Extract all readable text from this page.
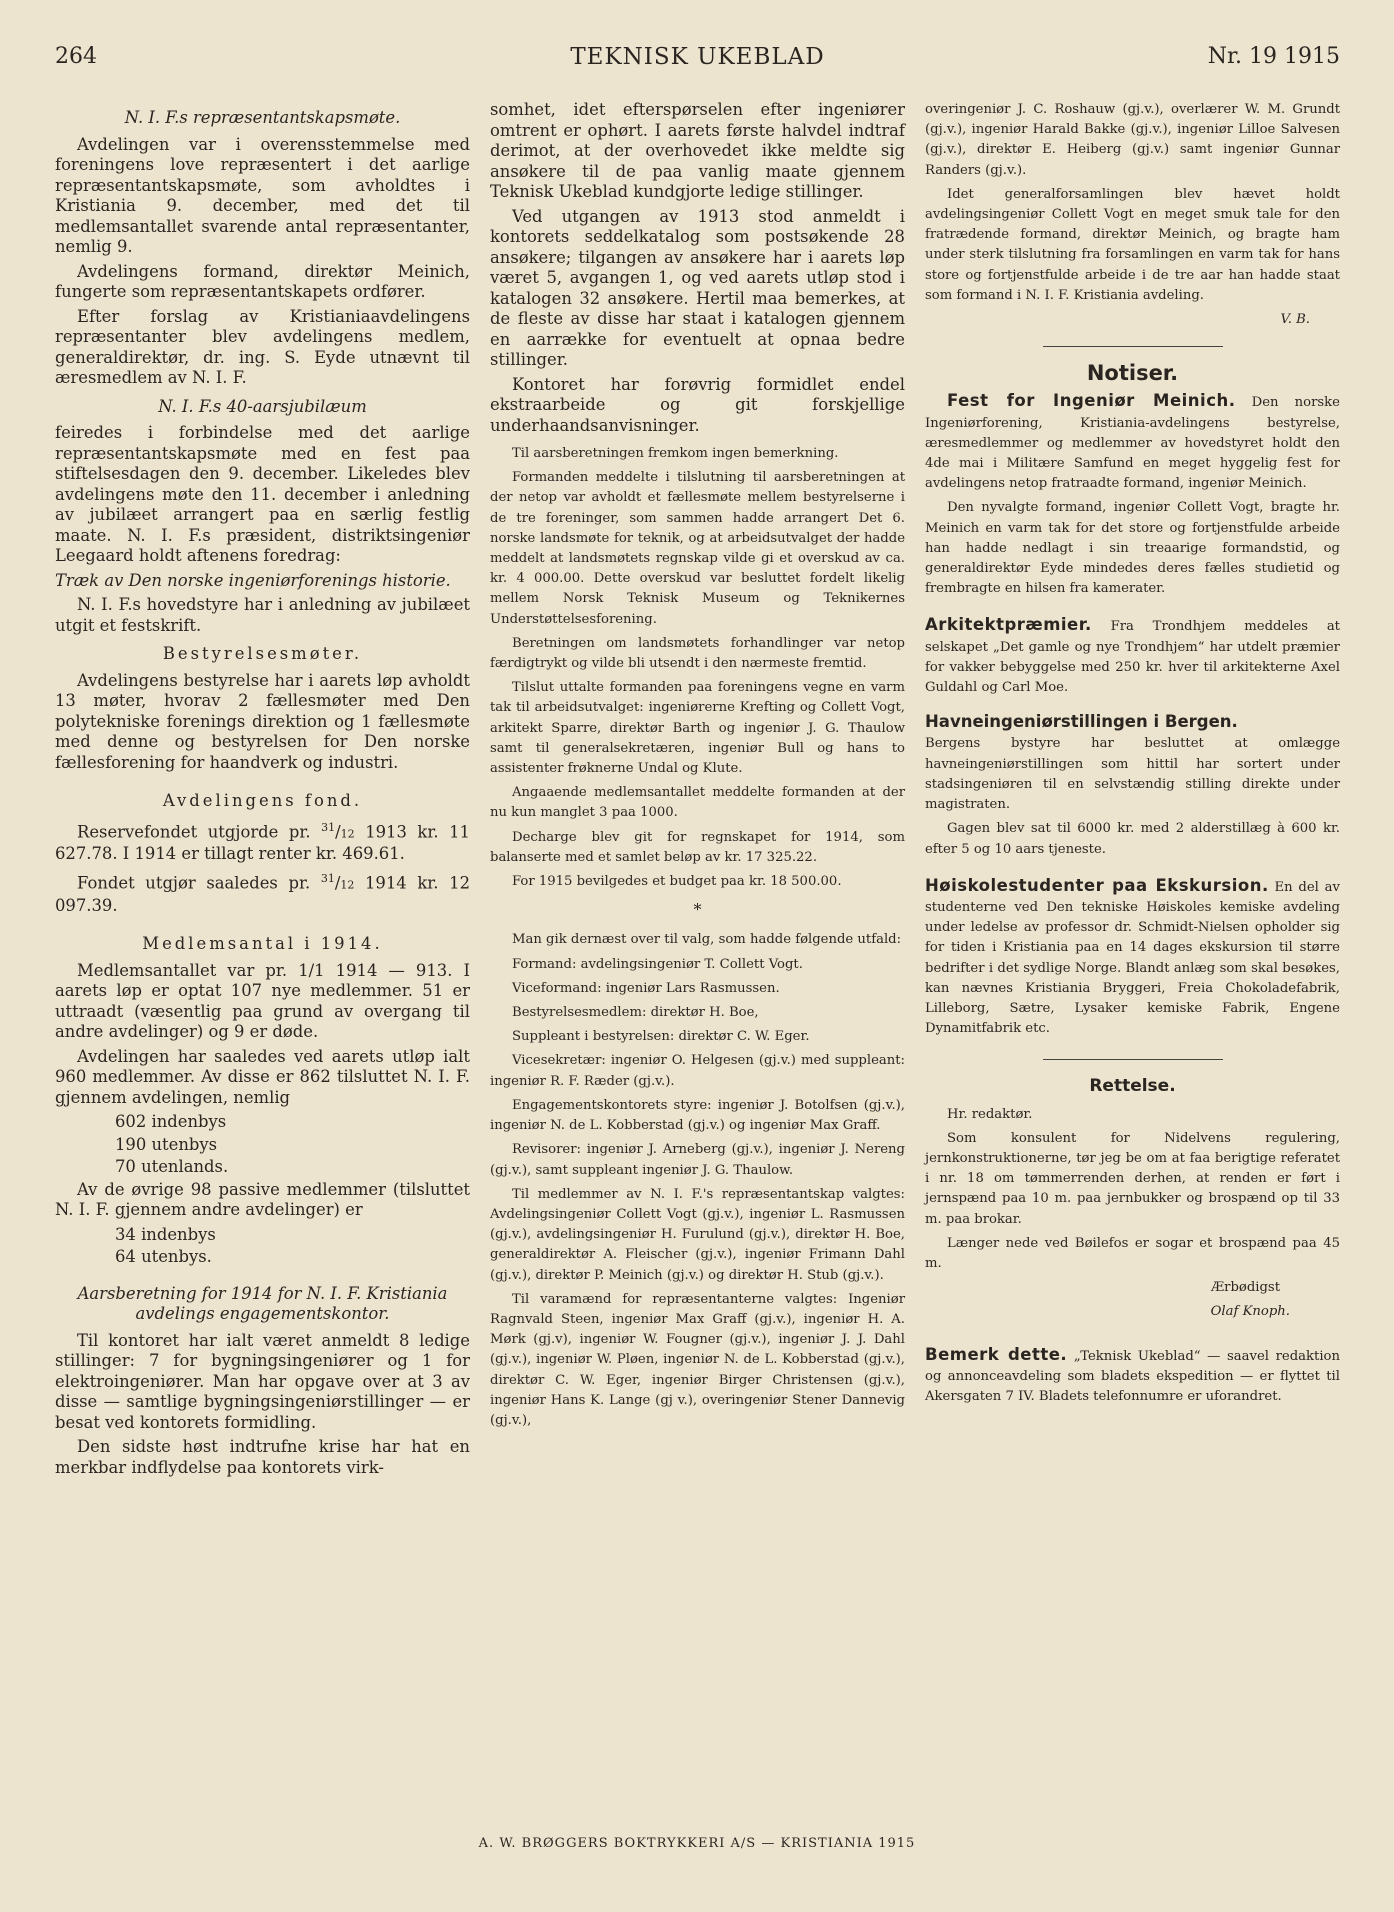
264	TEKNISK UKEBLAD	Nr. 19 1915
N. I. F.s repræsentantskapsmøte.

Avdelingen var i overensstemmelse med foreningens love repræsentert i det aarlige repræsentantskapsmøte, som avholdtes i Kristiania 9. december, med det til medlemsantallet svarende antal repræsentanter, nemlig 9.

Avdelingens formand, direktør Meinich, fungerte som repræsentantskapets ordfører.

Efter forslag av Kristianiaavdelingens repræsentanter blev avdelingens medlem, generaldirektør, dr. ing. S. Eyde utnævnt til æresmedlem av N. I. F.

N. I. F.s 40-aarsjubilæum

feiredes i forbindelse med det aarlige repræsentantskapsmøte med en fest paa stiftelsesdagen den 9. december. Likeledes blev avdelingens møte den 11. december i anledning av jubilæet arrangert paa en særlig festlig maate. N. I. F.s præsident, distriktsingeniør Leegaard holdt aftenens foredrag:

Træk av Den norske ingeniørforenings historie.

N. I. F.s hovedstyre har i anledning av jubilæet utgit et festskrift.

Bestyrelsesmøter.

Avdelingens bestyrelse har i aarets løp avholdt 13 møter, hvorav 2 fællesmøter med Den polytekniske forenings direktion og 1 fællesmøte med denne og bestyrelsen for Den norske fællesforening for haandverk og industri.

Avdelingens fond.

Reservefondet utgjorde pr. $^{31}$/12 1913 kr. 11 627.78. I 1914 er tillagt renter kr. 469.61.

Fondet utgjør saaledes pr. $^{31}$/12 1914 kr. 12 097.39.

Medlemsantal i 1914.

Medlemsantallet var pr. 1/1 1914 — 913. I aarets løp er optat 107 nye medlemmer. 51 er uttraadt (væsentlig paa grund av overgang til andre avdelinger) og 9 er døde.

Avdelingen har saaledes ved aarets utløp ialt 960 medlemmer. Av disse er 862 tilsluttet N. I. F. gjennem avdelingen, nemlig

602 indenbys
190 utenbys
70 utenlands.

Av de øvrige 98 passive medlemmer (tilsluttet N. I. F. gjennem andre avdelinger) er

34 indenbys
64 utenbys.
Aarsberetning for 1914 for N. I. F. Kristiania avdelings engagementskontor.

Til kontoret har ialt været anmeldt 8 ledige stillinger: 7 for bygningsingeniører og 1 for elektroingeniører. Man har opgave over at 3 av disse — samtlige bygningsingeniørstillinger — er besat ved kontorets formidling.

Den sidste høst indtrufne krise har hat en merkbar indflydelse paa kontorets virk-

somhet, idet efterspørselen efter ingeniører omtrent er ophørt. I aarets første halvdel indtraf derimot, at der overhovedet ikke meldte sig ansøkere til de paa vanlig maate gjennem Teknisk Ukeblad kundgjorte ledige stillinger.

Ved utgangen av 1913 stod anmeldt i kontorets seddelkatalog som postsøkende 28 ansøkere; tilgangen av ansøkere har i aarets løp været 5, avgangen 1, og ved aarets utløp stod i katalogen 32 ansøkere. Hertil maa bemerkes, at de fleste av disse har staat i katalogen gjennem en aarrække for eventuelt at opnaa bedre stillinger.

Kontoret har forøvrig formidlet endel ekstraarbeide og git forskjellige underhaandsanvisninger.

Til aarsberetningen fremkom ingen bemerkning.

Formanden meddelte i tilslutning til aarsberetningen at der netop var avholdt et fællesmøte mellem bestyrelserne i de tre foreninger, som sammen hadde arrangert Det 6. norske landsmøte for teknik, og at arbeidsutvalget der hadde meddelt at landsmøtets regnskap vilde gi et overskud av ca. kr. 4 000.00. Dette overskud var besluttet fordelt likelig mellem Norsk Teknisk Museum og Teknikernes Understøttelsesforening.

Beretningen om landsmøtets forhandlinger var netop færdigtrykt og vilde bli utsendt i den nærmeste fremtid.

Tilslut uttalte formanden paa foreningens vegne en varm tak til arbeidsutvalget: ingeniørerne Krefting og Collett Vogt, arkitekt Sparre, direktør Barth og ingeniør J. G. Thaulow samt til generalsekretæren, ingeniør Bull og hans to assistenter frøknerne Undal og Klute.

Angaaende medlemsantallet meddelte formanden at der nu kun manglet 3 paa 1000.

Decharge blev git for regnskapet for 1914, som balanserte med et samlet beløp av kr. 17 325.22.

For 1915 bevilgedes et budget paa kr. 18 500.00.

*

Man gik dernæst over til valg, som hadde følgende utfald:

Formand: avdelingsingeniør T. Collett Vogt.

Viceformand: ingeniør Lars Rasmussen.

Bestyrelsesmedlem: direktør H. Boe,

Suppleant i bestyrelsen: direktør C. W. Eger.

Vicesekretær: ingeniør O. Helgesen (gj.v.) med suppleant: ingeniør R. F. Ræder (gj.v.).

Engagementskontorets styre: ingeniør J. Botolfsen (gj.v.), ingeniør N. de L. Kobberstad (gj.v.) og ingeniør Max Graff.

Revisorer: ingeniør J. Arneberg (gj.v.), ingeniør J. Nereng (gj.v.), samt suppleant ingeniør J. G. Thaulow.

Til medlemmer av N. I. F.'s repræsentantskap valgtes: Avdelingsingeniør Collett Vogt (gj.v.), ingeniør L. Rasmussen (gj.v.), avdelingsingeniør H. Furulund (gj.v.), direktør H. Boe, generaldirektør A. Fleischer (gj.v.), ingeniør Frimann Dahl (gj.v.), direktør P. Meinich (gj.v.) og direktør H. Stub (gj.v.).

Til varamænd for repræsentanterne valgtes: Ingeniør Ragnvald Steen, ingeniør Max Graff (gj.v.), ingeniør H. A. Mørk (gj.v), ingeniør W. Fougner (gj.v.), ingeniør J. J. Dahl (gj.v.), ingeniør W. Pløen, ingeniør N. de L. Kobberstad (gj.v.), direktør C. W. Eger, ingeniør Birger Christensen (gj.v.), ingeniør Hans K. Lange (gj v.), overingeniør Stener Dannevig (gj.v.),

overingeniør J. C. Roshauw (gj.v.), overlærer W. M. Grundt (gj.v.), ingeniør Harald Bakke (gj.v.), ingeniør Lilloe Salvesen (gj.v.), direktør E. Heiberg (gj.v.) samt ingeniør Gunnar Randers (gj.v.).

Idet generalforsamlingen blev hævet holdt avdelingsingeniør Collett Vogt en meget smuk tale for den fratrædende formand, direktør Meinich, og bragte ham under sterk tilslutning fra forsamlingen en varm tak for hans store og fortjenstfulde arbeide i de tre aar han hadde staat som formand i N. I. F. Kristiania avdeling.

V. B.

Notiser.

Fest for Ingeniør Meinich. Den norske Ingeniørforening, Kristiania-avdelingens bestyrelse, æresmedlemmer og medlemmer av hovedstyret holdt den 4de mai i Militære Samfund en meget hyggelig fest for avdelingens netop fratraadte formand, ingeniør Meinich.

Den nyvalgte formand, ingeniør Collett Vogt, bragte hr. Meinich en varm tak for det store og fortjenstfulde arbeide han hadde nedlagt i sin treaarige formandstid, og generaldirektør Eyde mindedes deres fælles studietid og frembragte en hilsen fra kamerater.

Arkitektpræmier. Fra Trondhjem meddeles at selskapet „Det gamle og nye Trondhjem“ har utdelt præmier for vakker bebyggelse med 250 kr. hver til arkitekterne Axel Guldahl og Carl Moe.

Havneingeniørstillingen i Bergen.

Bergens bystyre har besluttet at omlægge havneingeniørstillingen som hittil har sortert under stadsingeniøren til en selvstændig stilling direkte under magistraten.

Gagen blev sat til 6000 kr. med 2 alderstillæg à 600 kr. efter 5 og 10 aars tjeneste.

Høiskolestudenter paa Ekskursion. En del av studenterne ved Den tekniske Høiskoles kemiske avdeling under ledelse av professor dr. Schmidt-Nielsen opholder sig for tiden i Kristiania paa en 14 dages ekskursion til større bedrifter i det sydlige Norge. Blandt anlæg som skal besøkes, kan nævnes Kristiania Bryggeri, Freia Chokoladefabrik, Lilleborg, Sætre, Lysaker kemiske Fabrik, Engene Dynamitfabrik etc.

Rettelse.

Hr. redaktør.

Som konsulent for Nidelvens regulering, jernkonstruktionerne, tør jeg be om at faa berigtige referatet i nr. 18 om tømmerrenden derhen, at renden er ført i jernspænd paa 10 m. paa jernbukker og brospænd op til 33 m. paa brokar.

Længer nede ved Bøilefos er sogar et brospænd paa 45 m.

Ærbødigst

Olaf Knoph.

Bemerk dette. „Teknisk Ukeblad“ — saavel redaktion og annonceavdeling som bladets ekspedition — er flyttet til Akersgaten 7 IV. Bladets telefonnumre er uforandret.

A. W. BRØGGERS BOKTRYKKERI A/S — KRISTIANIA 1915
